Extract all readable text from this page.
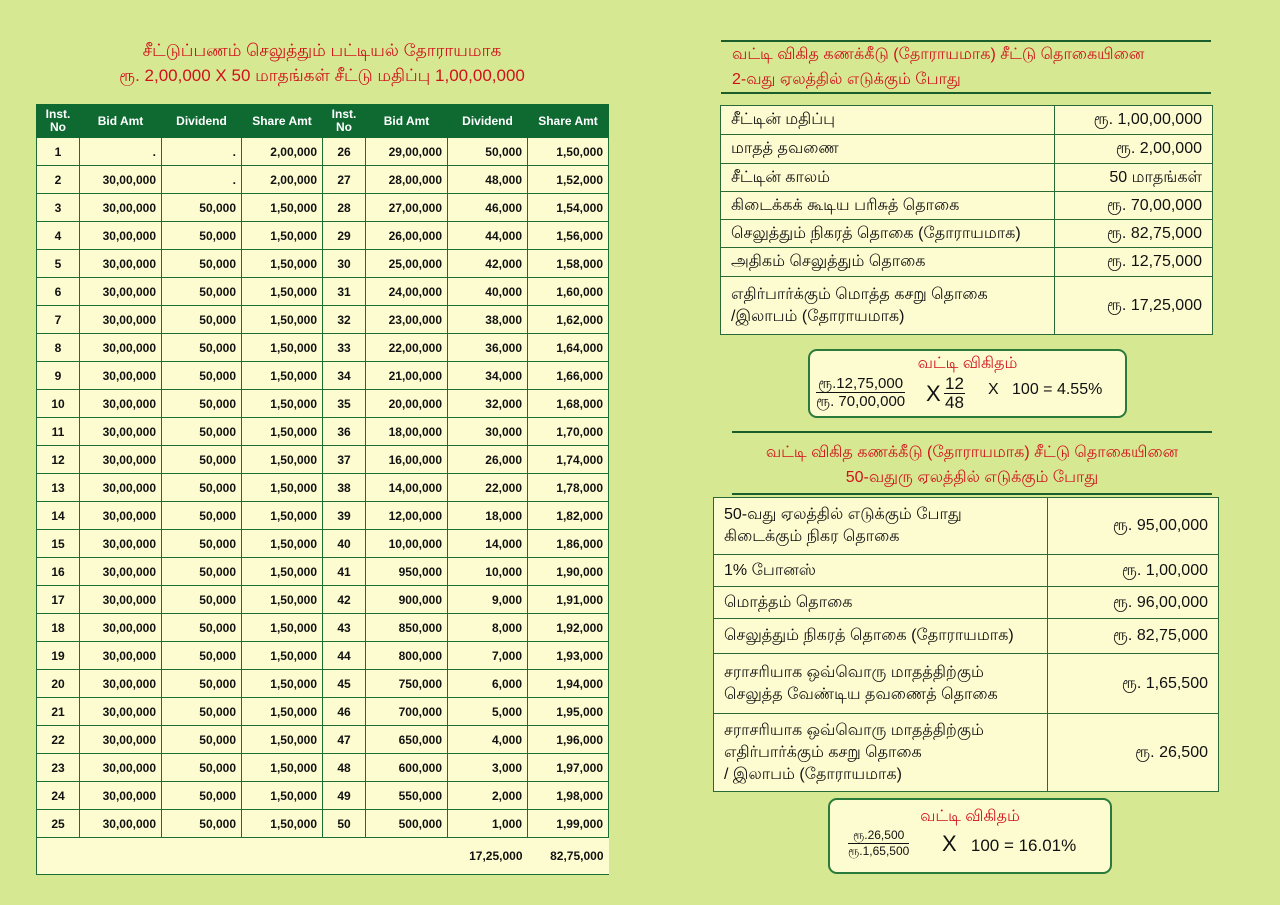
சீட்டுப்பணம் செலுத்தும் பட்டியல் தோராயமாக
ரூ. 2,00,000 X 50 மாதங்கள் சீட்டு மதிப்பு 1,00,00,000
Inst. No	Bid Amt	Dividend	Share Amt	Inst. No	Bid Amt	Dividend	Share Amt
1	.	.	2,00,000	26	29,00,000	50,000	1,50,000
2	30,00,000	.	2,00,000	27	28,00,000	48,000	1,52,000
3	30,00,000	50,000	1,50,000	28	27,00,000	46,000	1,54,000
4	30,00,000	50,000	1,50,000	29	26,00,000	44,000	1,56,000
5	30,00,000	50,000	1,50,000	30	25,00,000	42,000	1,58,000
6	30,00,000	50,000	1,50,000	31	24,00,000	40,000	1,60,000
7	30,00,000	50,000	1,50,000	32	23,00,000	38,000	1,62,000
8	30,00,000	50,000	1,50,000	33	22,00,000	36,000	1,64,000
9	30,00,000	50,000	1,50,000	34	21,00,000	34,000	1,66,000
10	30,00,000	50,000	1,50,000	35	20,00,000	32,000	1,68,000
11	30,00,000	50,000	1,50,000	36	18,00,000	30,000	1,70,000
12	30,00,000	50,000	1,50,000	37	16,00,000	26,000	1,74,000
13	30,00,000	50,000	1,50,000	38	14,00,000	22,000	1,78,000
14	30,00,000	50,000	1,50,000	39	12,00,000	18,000	1,82,000
15	30,00,000	50,000	1,50,000	40	10,00,000	14,000	1,86,000
16	30,00,000	50,000	1,50,000	41	950,000	10,000	1,90,000
17	30,00,000	50,000	1,50,000	42	900,000	9,000	1,91,000
18	30,00,000	50,000	1,50,000	43	850,000	8,000	1,92,000
19	30,00,000	50,000	1,50,000	44	800,000	7,000	1,93,000
20	30,00,000	50,000	1,50,000	45	750,000	6,000	1,94,000
21	30,00,000	50,000	1,50,000	46	700,000	5,000	1,95,000
22	30,00,000	50,000	1,50,000	47	650,000	4,000	1,96,000
23	30,00,000	50,000	1,50,000	48	600,000	3,000	1,97,000
24	30,00,000	50,000	1,50,000	49	550,000	2,000	1,98,000
25	30,00,000	50,000	1,50,000	50	500,000	1,000	1,99,000
						17,25,000	82,75,000
வட்டி விகித கணக்கீடு (தோராயமாக) சீட்டு தொகையினை
2-வது ஏலத்தில் எடுக்கும் போது
சீட்டின் மதிப்பு	ரூ. 1,00,00,000

மாதத் தவணை	ரூ. 2,00,000

சீட்டின் காலம்	50 மாதங்கள்

கிடைக்கக் கூடிய பரிசுத் தொகை	ரூ. 70,00,000

செலுத்தும் நிகரத் தொகை (தோராயமாக)	ரூ. 82,75,000

அதிகம் செலுத்தும் தொகை	ரூ. 12,75,000

எதிர்பார்க்கும் மொத்த கசறு தொகை
/இலாபம் (தோராயமாக)	ரூ. 17,25,000
வட்டி விகிதம்
ரூ.12,75,000
ரூ. 70,00,000 X $\frac{12}{48}$ X 100 = 4.55%
வட்டி விகித கணக்கீடு (தோராயமாக) சீட்டு தொகையினை
50-வதுரு ஏலத்தில் எடுக்கும் போது
50-வது ஏலத்தில் எடுக்கும் போது
கிடைக்கும் நிகர தொகை	ரூ. 95,00,000

1% போனஸ்	ரூ. 1,00,000

மொத்தம் தொகை	ரூ. 96,00,000

செலுத்தும் நிகரத் தொகை (தோராயமாக)	ரூ. 82,75,000

சராசரியாக ஒவ்வொரு மாதத்திற்கும்
செலுத்த வேண்டிய தவணைத் தொகை	ரூ. 1,65,500

சராசரியாக ஒவ்வொரு மாதத்திற்கும்
எதிர்பார்க்கும் கசறு தொகை
/ இலாபம் (தோராயமாக)	ரூ. 26,500
வட்டி விகிதம்
ரூ.26,500
ரூ.1,65,500 X 100 = 16.01%
